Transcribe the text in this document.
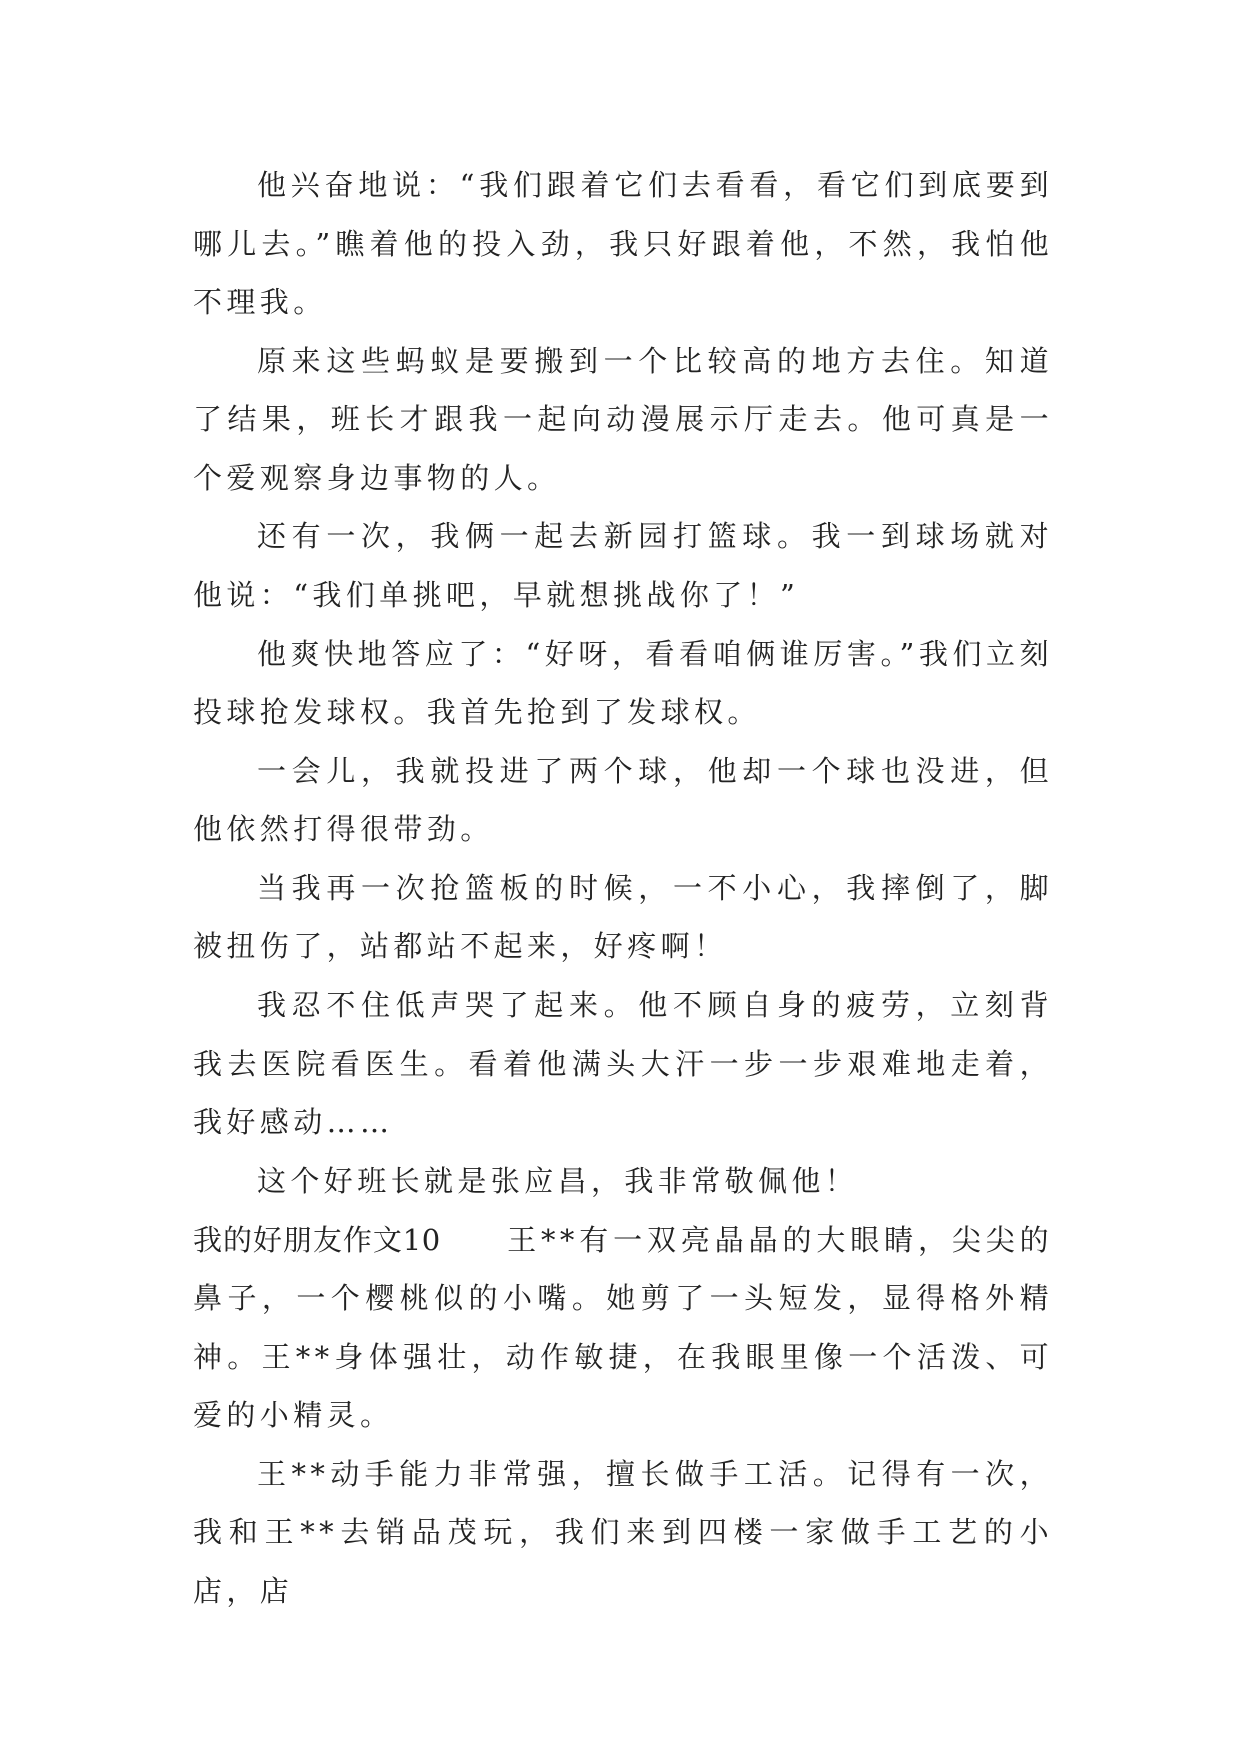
他兴奋地说：“我们跟着它们去看看，看它们到底要到哪儿去。”瞧着他的投入劲，我只好跟着他，不然，我怕他不理我。

原来这些蚂蚁是要搬到一个比较高的地方去住。知道了结果，班长才跟我一起向动漫展示厅走去。他可真是一个爱观察身边事物的人。

还有一次，我俩一起去新园打篮球。我一到球场就对他说：“我们单挑吧，早就想挑战你了！”

他爽快地答应了：“好呀，看看咱俩谁厉害。”我们立刻投球抢发球权。我首先抢到了发球权。

一会儿，我就投进了两个球，他却一个球也没进，但他依然打得很带劲。

当我再一次抢篮板的时候，一不小心，我摔倒了，脚被扭伤了，站都站不起来，好疼啊！

我忍不住低声哭了起来。他不顾自身的疲劳，立刻背我去医院看医生。看着他满头大汗一步一步艰难地走着，我好感动……

这个好班长就是张应昌，我非常敬佩他！

我的好朋友作文10 王**有一双亮晶晶的大眼睛，尖尖的鼻子，一个樱桃似的小嘴。她剪了一头短发，显得格外精神。王**身体强壮，动作敏捷，在我眼里像一个活泼、可爱的小精灵。

王**动手能力非常强，擅长做手工活。记得有一次，我和王**去销品茂玩，我们来到四楼一家做手工艺的小店，店
